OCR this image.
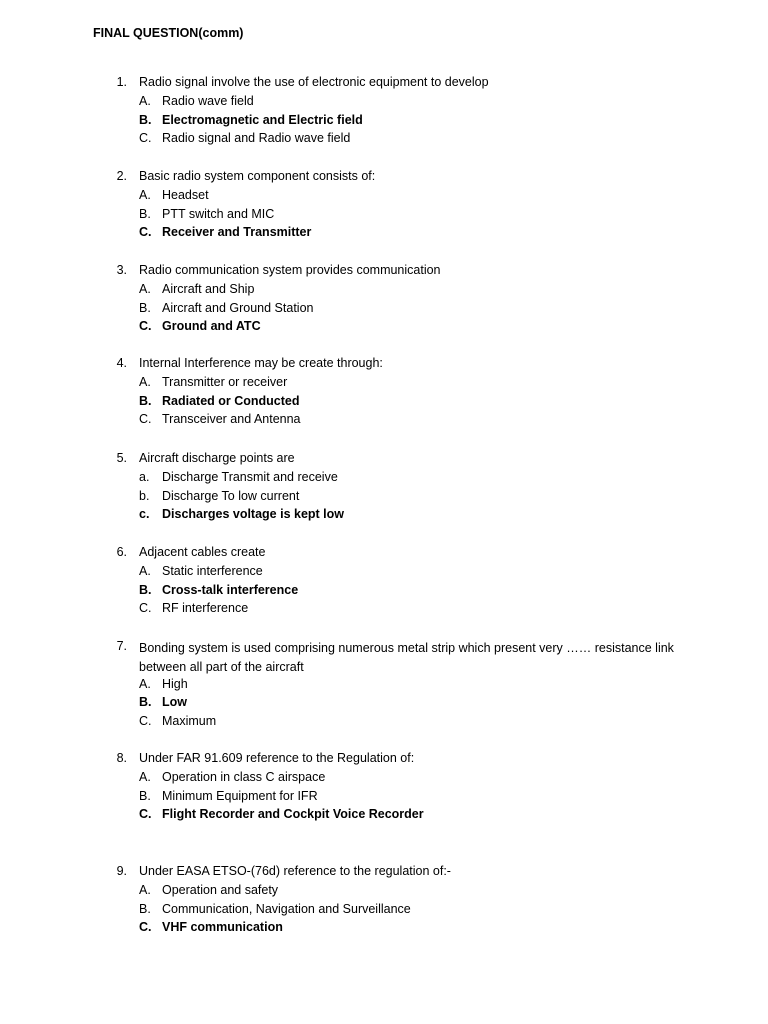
FINAL QUESTION(comm)
1. Radio signal involve the use of electronic equipment to develop
A. Radio wave field
B. Electromagnetic and Electric field
C. Radio signal and Radio wave field
2. Basic radio system component consists of:
A. Headset
B. PTT switch and MIC
C. Receiver and Transmitter
3. Radio communication system provides communication
A. Aircraft and Ship
B. Aircraft and Ground Station
C. Ground and ATC
4. Internal Interference may be create through:
A. Transmitter or receiver
B. Radiated or Conducted
C. Transceiver and Antenna
5. Aircraft discharge points are
a. Discharge Transmit and receive
b. Discharge To low current
c. Discharges voltage is kept low
6. Adjacent cables create
A. Static interference
B. Cross-talk interference
C. RF interference
7. Bonding system is used comprising numerous metal strip which present very …… resistance link between all part of the aircraft
A. High
B. Low
C. Maximum
8. Under FAR 91.609 reference to the Regulation of:
A. Operation in class C airspace
B. Minimum Equipment for IFR
C. Flight Recorder and Cockpit Voice Recorder
9. Under EASA ETSO-(76d) reference to the regulation of:-
A. Operation and safety
B. Communication, Navigation and Surveillance
C. VHF communication
